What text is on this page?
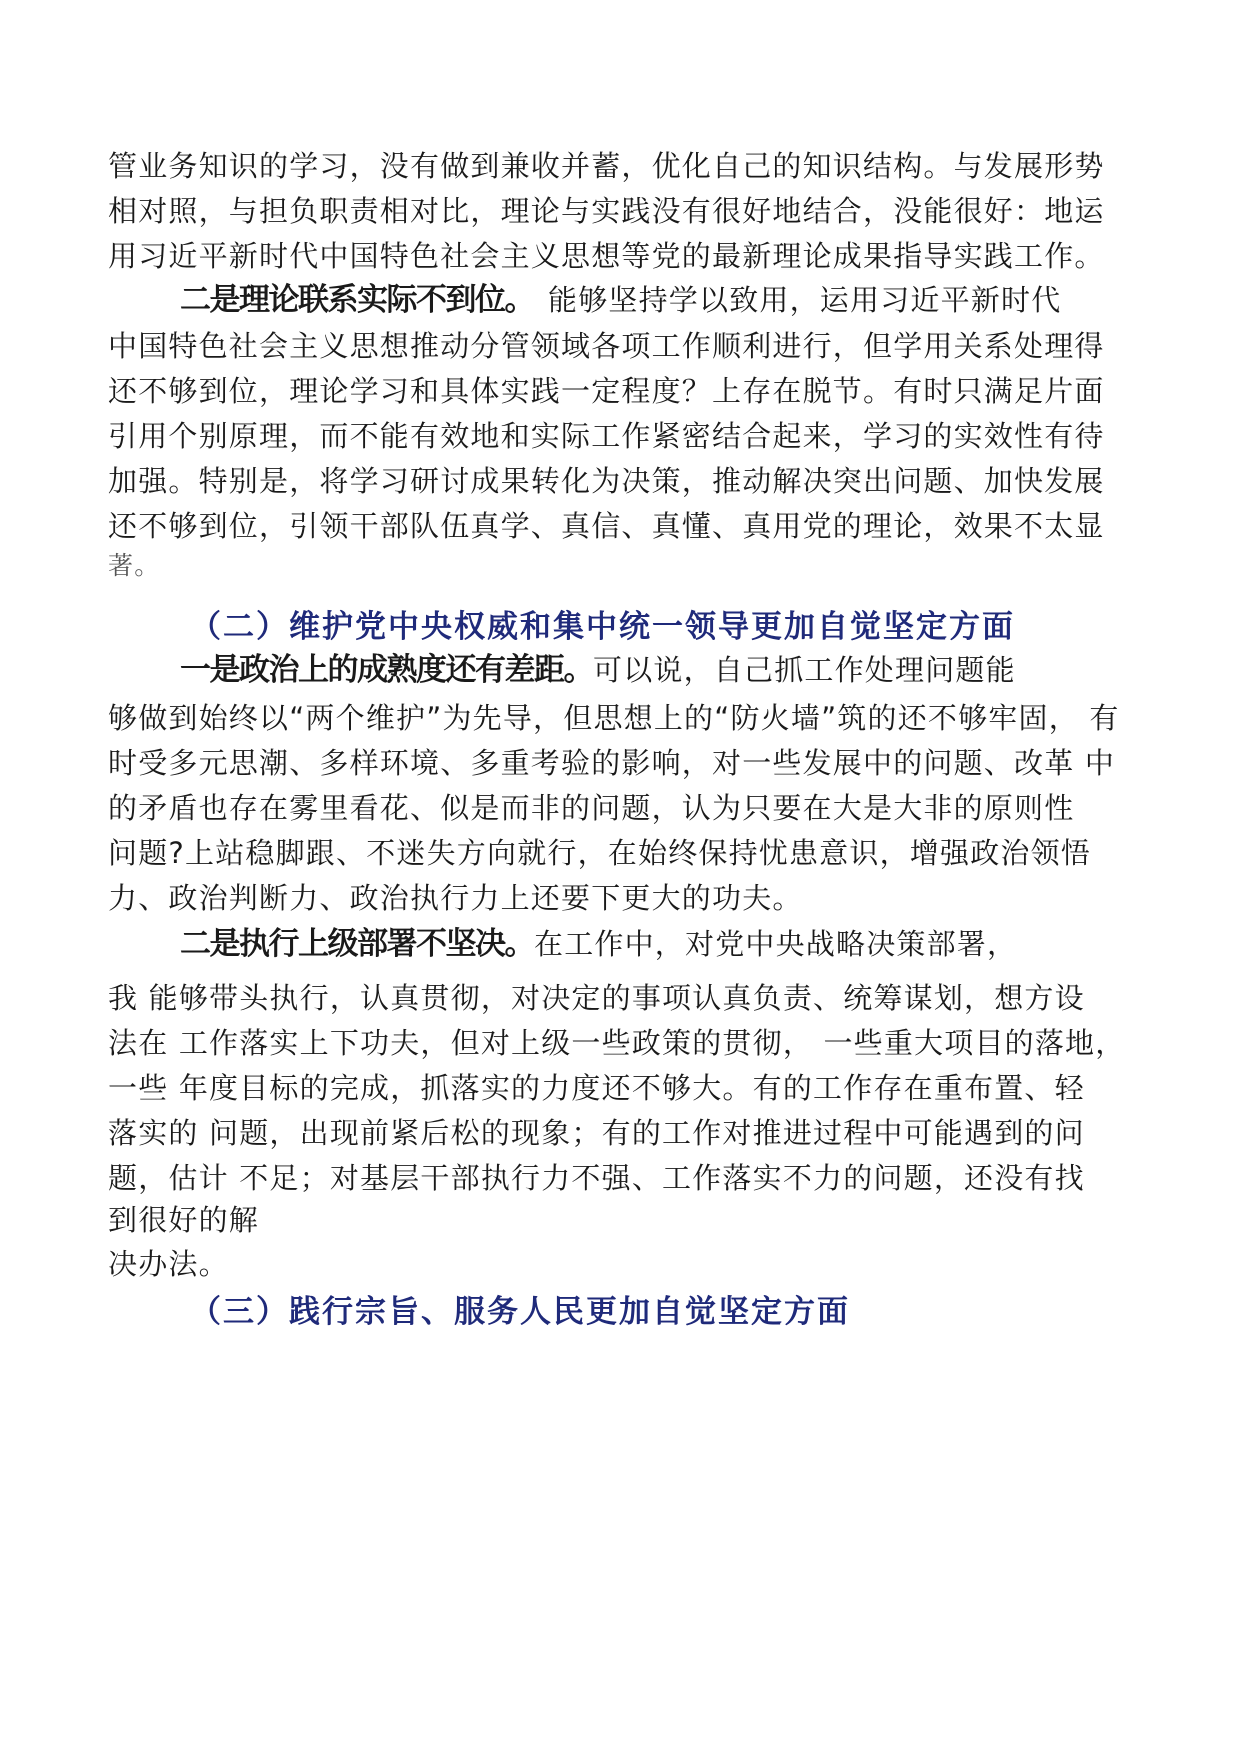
管业务知识的学习，没有做到兼收并蓄，优化自己的知识结构。与发展形势
相对照，与担负职责相对比，理论与实践没有很好地结合，没能很好：地运
用习近平新时代中国特色社会主义思想等党的最新理论成果指导实践工作。
二是理论联系实际不到位。 能够坚持学以致用，运用习近平新时代
中国特色社会主义思想推动分管领域各项工作顺利进行，但学用关系处理得
还不够到位，理论学习和具体实践一定程度？上存在脱节。有时只满足片面
引用个别原理，而不能有效地和实际工作紧密结合起来，学习的实效性有待
加强。特别是，将学习研讨成果转化为决策，推动解决突出问题、加快发展
还不够到位，引领干部队伍真学、真信、真懂、真用党的理论，效果不太显
著。
（二）维护党中央权威和集中统一领导更加自觉坚定方面
一是政治上的成熟度还有差距。可以说，自己抓工作处理问题能
够做到始终以“两个维护”为先导，但思想上的“防火墙”筑的还不够牢固， 有
时受多元思潮、多样环境、多重考验的影响，对一些发展中的问题、改革 中
的矛盾也存在雾里看花、似是而非的问题，认为只要在大是大非的原则性
问题?上站稳脚跟、不迷失方向就行，在始终保持忧患意识，增强政治领悟
力、政治判断力、政治执行力上还要下更大的功夫。
二是执行上级部署不坚决。在工作中，对党中央战略决策部署，
我 能够带头执行，认真贯彻，对决定的事项认真负责、统筹谋划，想方设
法在 工作落实上下功夫，但对上级一些政策的贯彻， 一些重大项目的落地，
一些 年度目标的完成，抓落实的力度还不够大。有的工作存在重布置、轻
落实的 问题，出现前紧后松的现象；有的工作对推进过程中可能遇到的问
题，估计 不足；对基层干部执行力不强、工作落实不力的问题，还没有找
到很好的解
决办法。
（三）践行宗旨、服务人民更加自觉坚定方面
